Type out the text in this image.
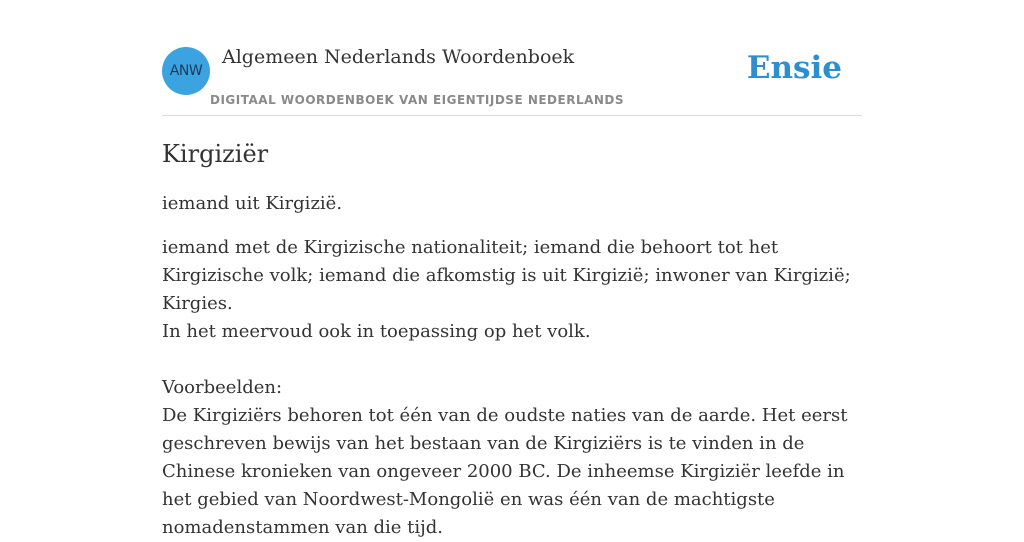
ANW
Algemeen Nederlands Woordenboek
DIGITAAL WOORDENBOEK VAN EIGENTIJDSE NEDERLANDS
Ensie
Kirgiziër

iemand uit Kirgizië.

iemand met de Kirgizische nationaliteit; iemand die behoort tot het Kirgizische volk; iemand die afkomstig is uit Kirgizië; inwoner van Kirgizië; Kirgies.
In het meervoud ook in toepassing op het volk.
Voorbeelden:
De Kirgiziërs behoren tot één van de oudste naties van de aarde. Het eerst geschreven bewijs van het bestaan van de Kirgiziërs is te vinden in de Chinese kronieken van ongeveer 2000 BC. De inheemse Kirgiziër leefde in het gebied van Noordwest-Mongolië en was één van de machtigste nomadenstammen van die tijd.
